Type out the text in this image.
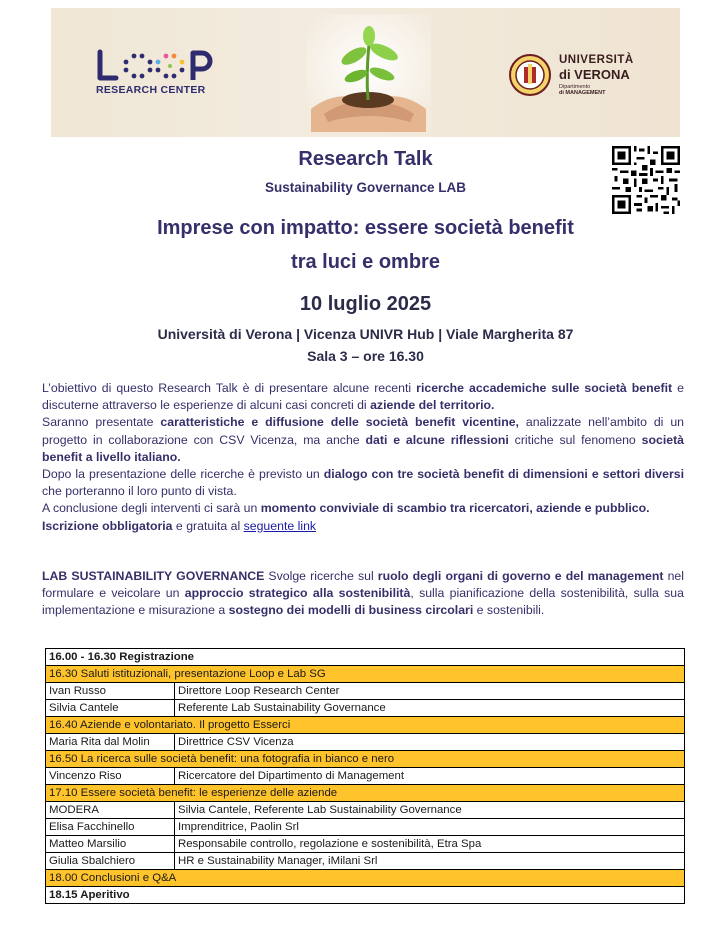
RESEARCH CENTER
UNIVERSITÀ
di VERONA
Dipartimento
di MANAGEMENT
Research Talk
Sustainability Governance LAB
Imprese con impatto: essere società benefit
tra luci e ombre
10 luglio 2025
Università di Verona | Vicenza UNIVR Hub | Viale Margherita 87
Sala 3 – ore 16.30
L’obiettivo di questo Research Talk è di presentare alcune recenti ricerche accademiche sulle società benefit e discuterne attraverso le esperienze di alcuni casi concreti di aziende del territorio.
Saranno presentate caratteristiche e diffusione delle società benefit vicentine, analizzate nell’ambito di un progetto in collaborazione con CSV Vicenza, ma anche dati e alcune riflessioni critiche sul fenomeno società benefit a livello italiano.
Dopo la presentazione delle ricerche è previsto un dialogo con tre società benefit di dimensioni e settori diversi che porteranno il loro punto di vista.
A conclusione degli interventi ci sarà un momento conviviale di scambio tra ricercatori, aziende e pubblico.
Iscrizione obbligatoria e gratuita al seguente link
LAB SUSTAINABILITY GOVERNANCE Svolge ricerche sul ruolo degli organi di governo e del management nel formulare e veicolare un approccio strategico alla sostenibilità, sulla pianificazione della sostenibilità, sulla sua implementazione e misurazione a sostegno dei modelli di business circolari e sostenibili.
16.00 - 16.30 Registrazione	
16.30 Saluti istituzionali, presentazione Loop e Lab SG	
Ivan Russo	Direttore Loop Research Center
Silvia Cantele	Referente Lab Sustainability Governance
16.40 Aziende e volontariato. Il progetto Esserci	
Maria Rita dal Molin	Direttrice CSV Vicenza
16.50 La ricerca sulle società benefit: una fotografia in bianco e nero	
Vincenzo Riso	Ricercatore del Dipartimento di Management
17.10 Essere società benefit: le esperienze delle aziende	
MODERA	Silvia Cantele, Referente Lab Sustainability Governance
Elisa Facchinello	Imprenditrice, Paolin Srl
Matteo Marsilio	Responsabile controllo, regolazione e sostenibilità, Etra Spa
Giulia Sbalchiero	HR e Sustainability Manager, iMilani Srl
18.00 Conclusioni e Q&A	
18.15 Aperitivo	
